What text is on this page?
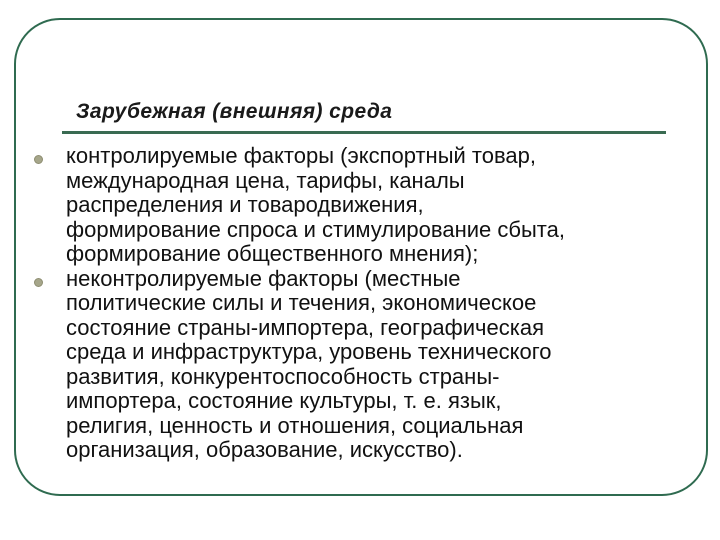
Зарубежная (внешняя) среда
контролируемые факторы (экспортный товар,
международная цена, тарифы, каналы
распределения и товародвижения,
формирование спроса и стимулирование сбыта,
формирование общественного мнения);
неконтролируемые факторы (местные
политические силы и течения, экономическое
состояние страны-импортера, географическая
среда и инфраструктура, уровень технического
развития, конкурентоспособность страны-
импортера, состояние культуры, т. е. язык,
религия, ценность и отношения, социальная
организация, образование, искусство).
